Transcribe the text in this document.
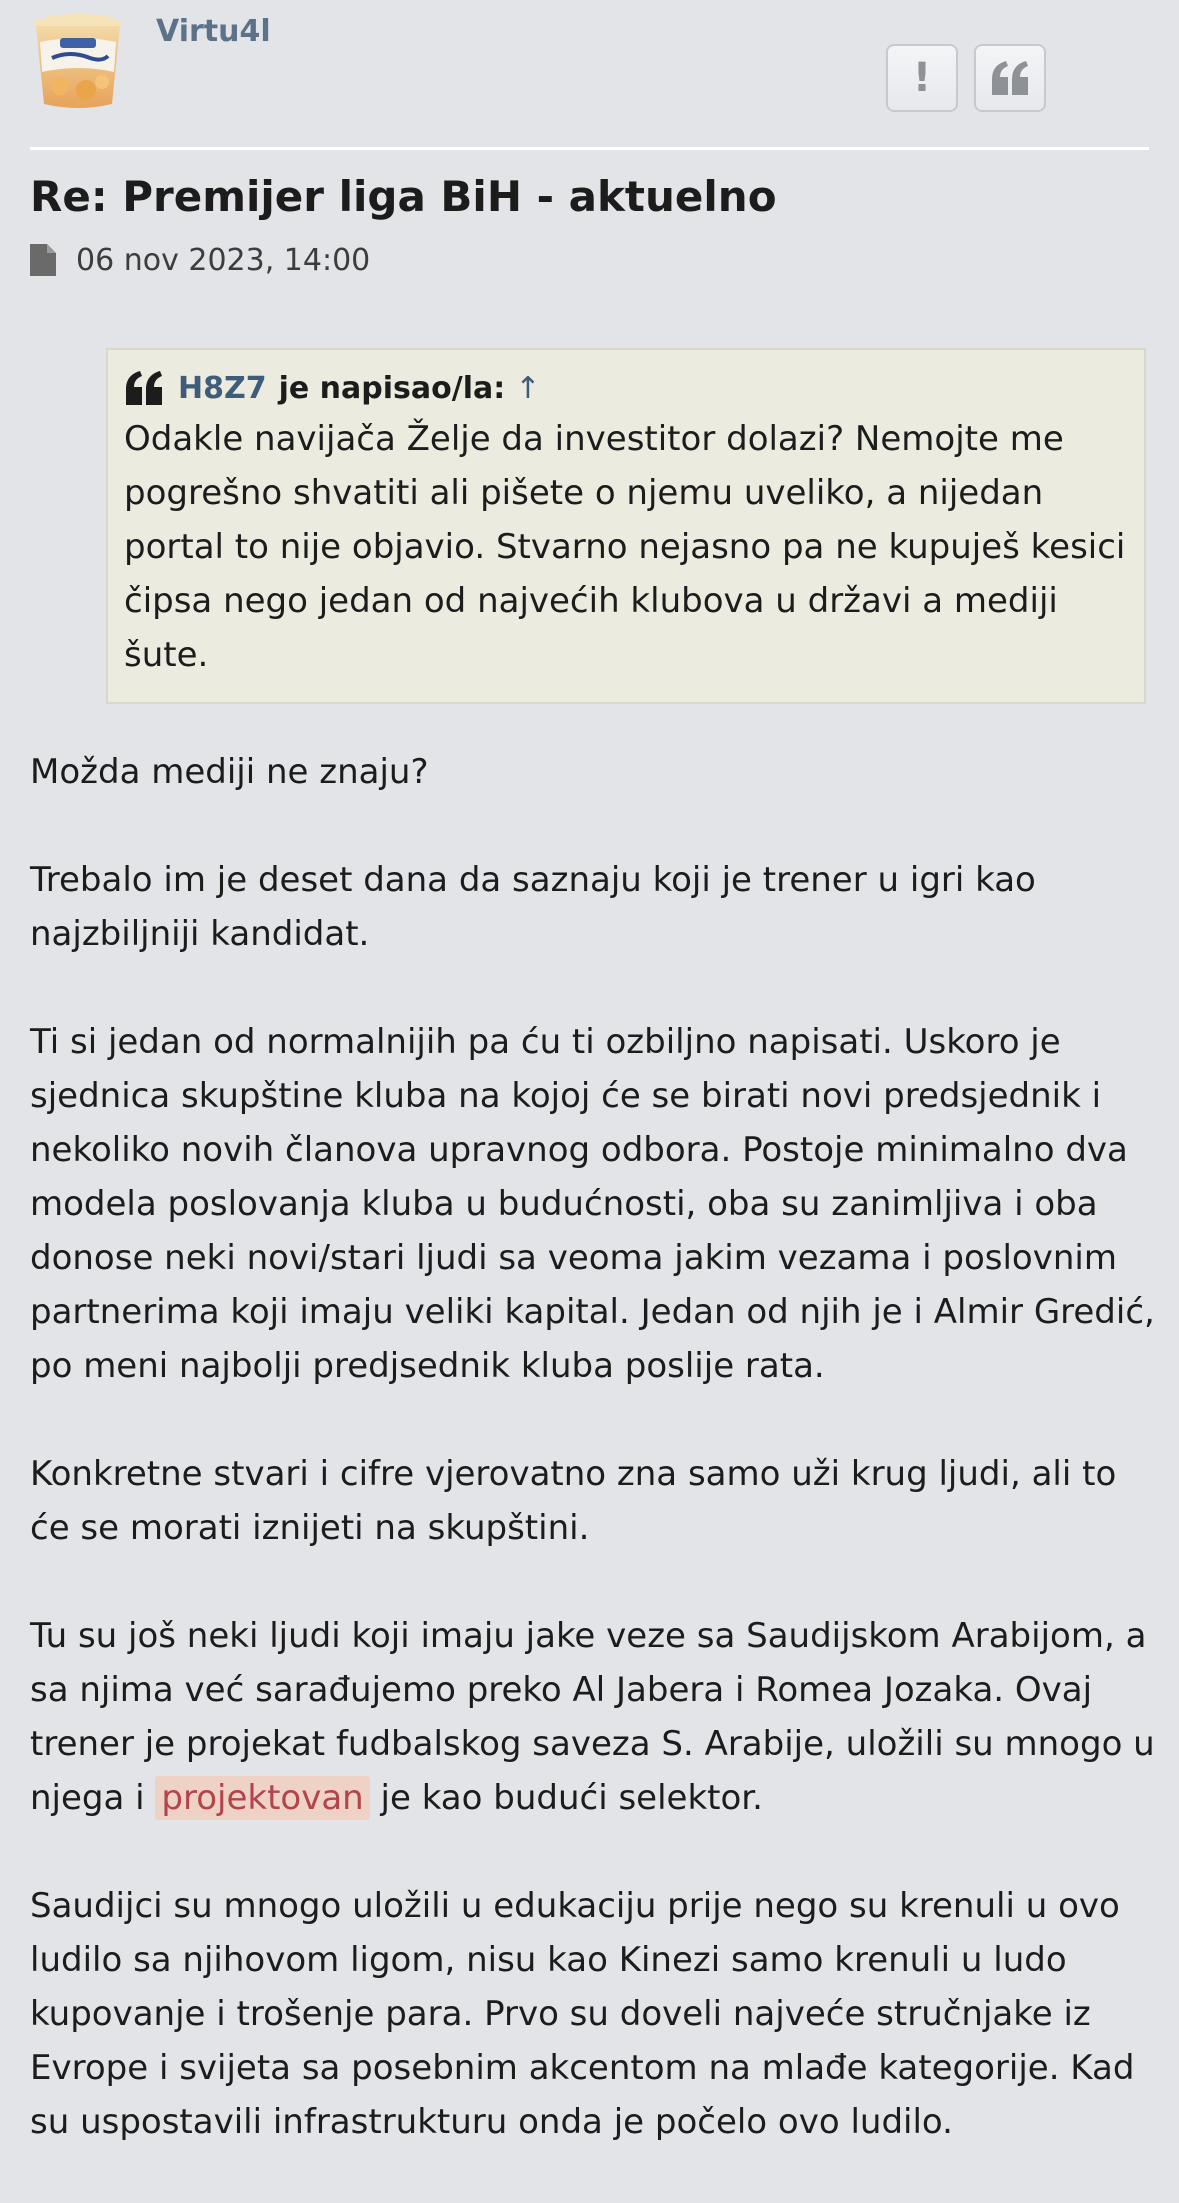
Virtu4l
!
Re: Premijer liga BiH - aktuelno
06 nov 2023, 14:00
H8Z7 je napisao/la: ↑
Odakle navijača Želje da investitor dolazi? Nemojte me pogrešno shvatiti ali pišete o njemu uveliko, a nijedan portal to nije objavio. Stvarno nejasno pa ne kupuješ kesici čipsa nego jedan od najvećih klubova u državi a mediji šute.

Možda mediji ne znaju?

Trebalo im je deset dana da saznaju koji je trener u igri kao najzbiljniji kandidat.

Ti si jedan od normalnijih pa ću ti ozbiljno napisati. Uskoro je sjednica skupštine kluba na kojoj će se birati novi predsjednik i nekoliko novih članova upravnog odbora. Postoje minimalno dva modela poslovanja kluba u budućnosti, oba su zanimljiva i oba donose neki novi/stari ljudi sa veoma jakim vezama i poslovnim partnerima koji imaju veliki kapital. Jedan od njih je i Almir Gredić, po meni najbolji predjsednik kluba poslije rata.

Konkretne stvari i cifre vjerovatno zna samo uži krug ljudi, ali to će se morati iznijeti na skupštini.

Tu su još neki ljudi koji imaju jake veze sa Saudijskom Arabijom, a sa njima već sarađujemo preko Al Jabera i Romea Jozaka. Ovaj trener je projekat fudbalskog saveza S. Arabije, uložili su mnogo u njega i projektovan je kao budući selektor.

Saudijci su mnogo uložili u edukaciju prije nego su krenuli u ovo ludilo sa njihovom ligom, nisu kao Kinezi samo krenuli u ludo kupovanje i trošenje para. Prvo su doveli najveće stručnjake iz Evrope i svijeta sa posebnim akcentom na mlađe kategorije. Kad su uspostavili infrastrukturu onda je počelo ovo ludilo.
